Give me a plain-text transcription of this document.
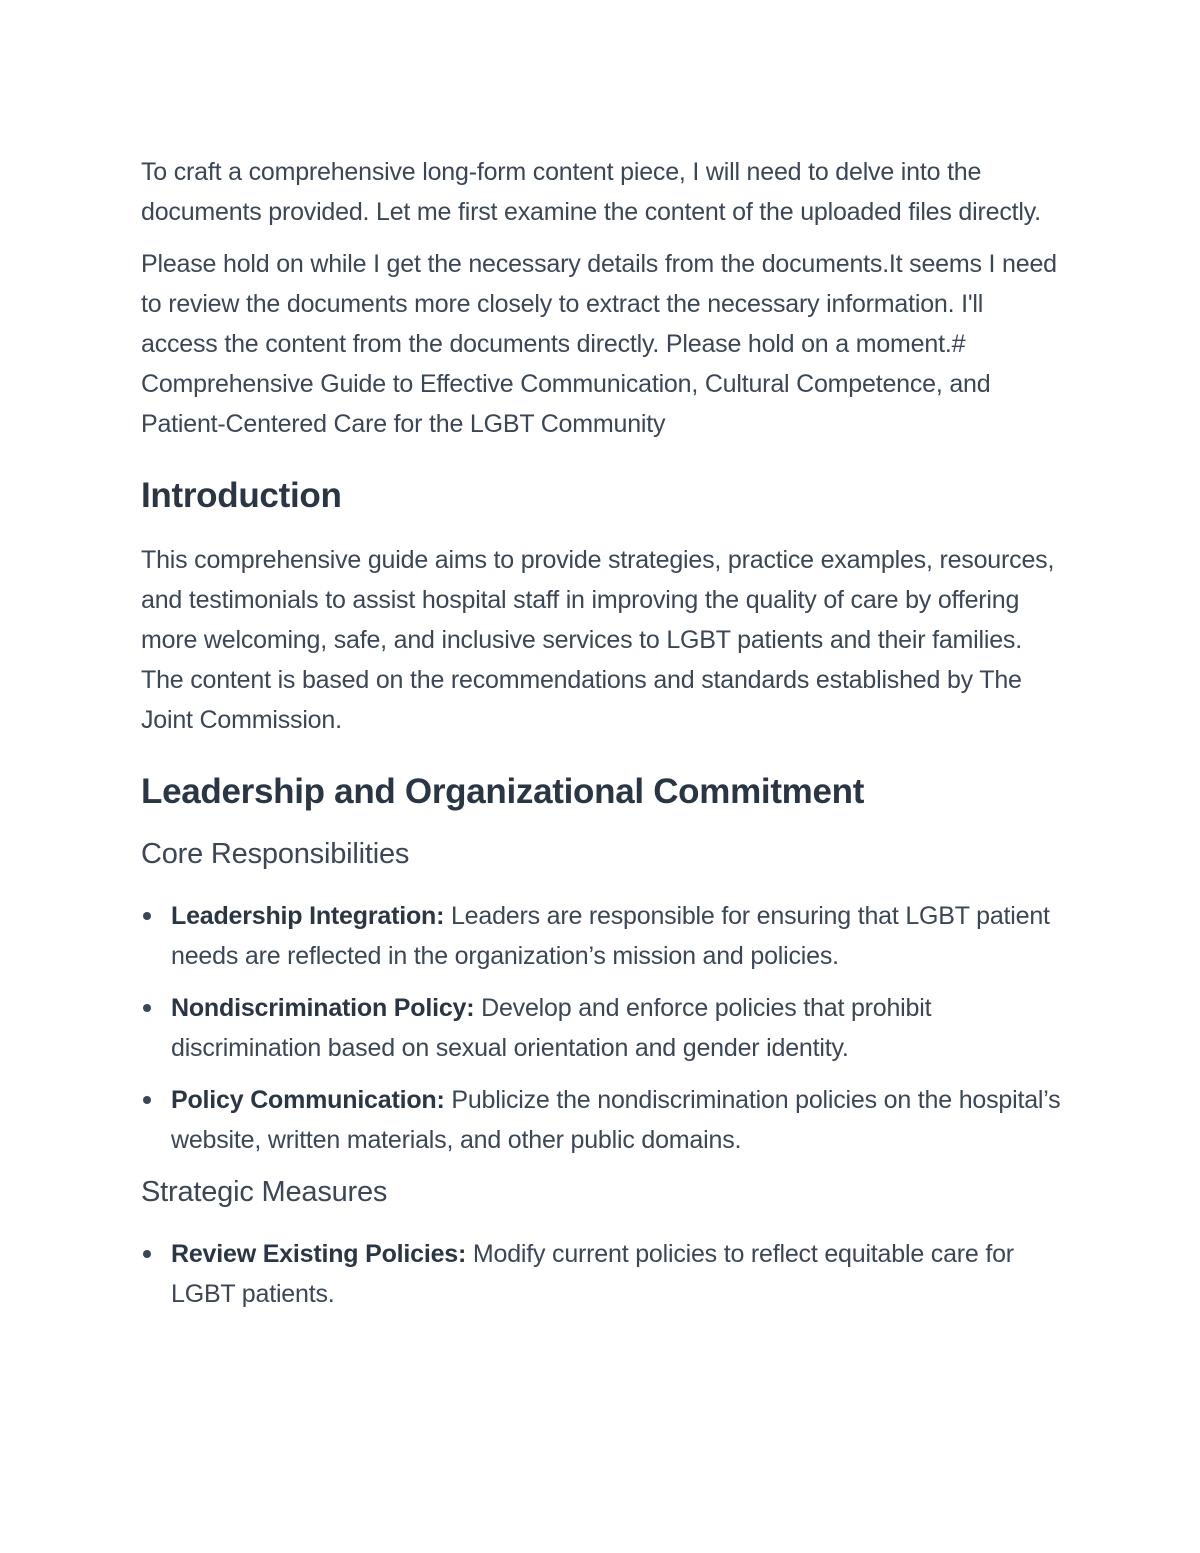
To craft a comprehensive long-form content piece, I will need to delve into the documents provided. Let me first examine the content of the uploaded files directly.

Please hold on while I get the necessary details from the documents.It seems I need to review the documents more closely to extract the necessary information. I'll access the content from the documents directly. Please hold on a moment.# Comprehensive Guide to Effective Communication, Cultural Competence, and Patient-Centered Care for the LGBT Community

Introduction

This comprehensive guide aims to provide strategies, practice examples, resources, and testimonials to assist hospital staff in improving the quality of care by offering more welcoming, safe, and inclusive services to LGBT patients and their families. The content is based on the recommendations and standards established by The Joint Commission.

Leadership and Organizational Commitment
Core Responsibilities
Leadership Integration: Leaders are responsible for ensuring that LGBT patient needs are reflected in the organization’s mission and policies.
Nondiscrimination Policy: Develop and enforce policies that prohibit discrimination based on sexual orientation and gender identity.
Policy Communication: Publicize the nondiscrimination policies on the hospital’s website, written materials, and other public domains.
Strategic Measures
Review Existing Policies: Modify current policies to reflect equitable care for LGBT patients.
